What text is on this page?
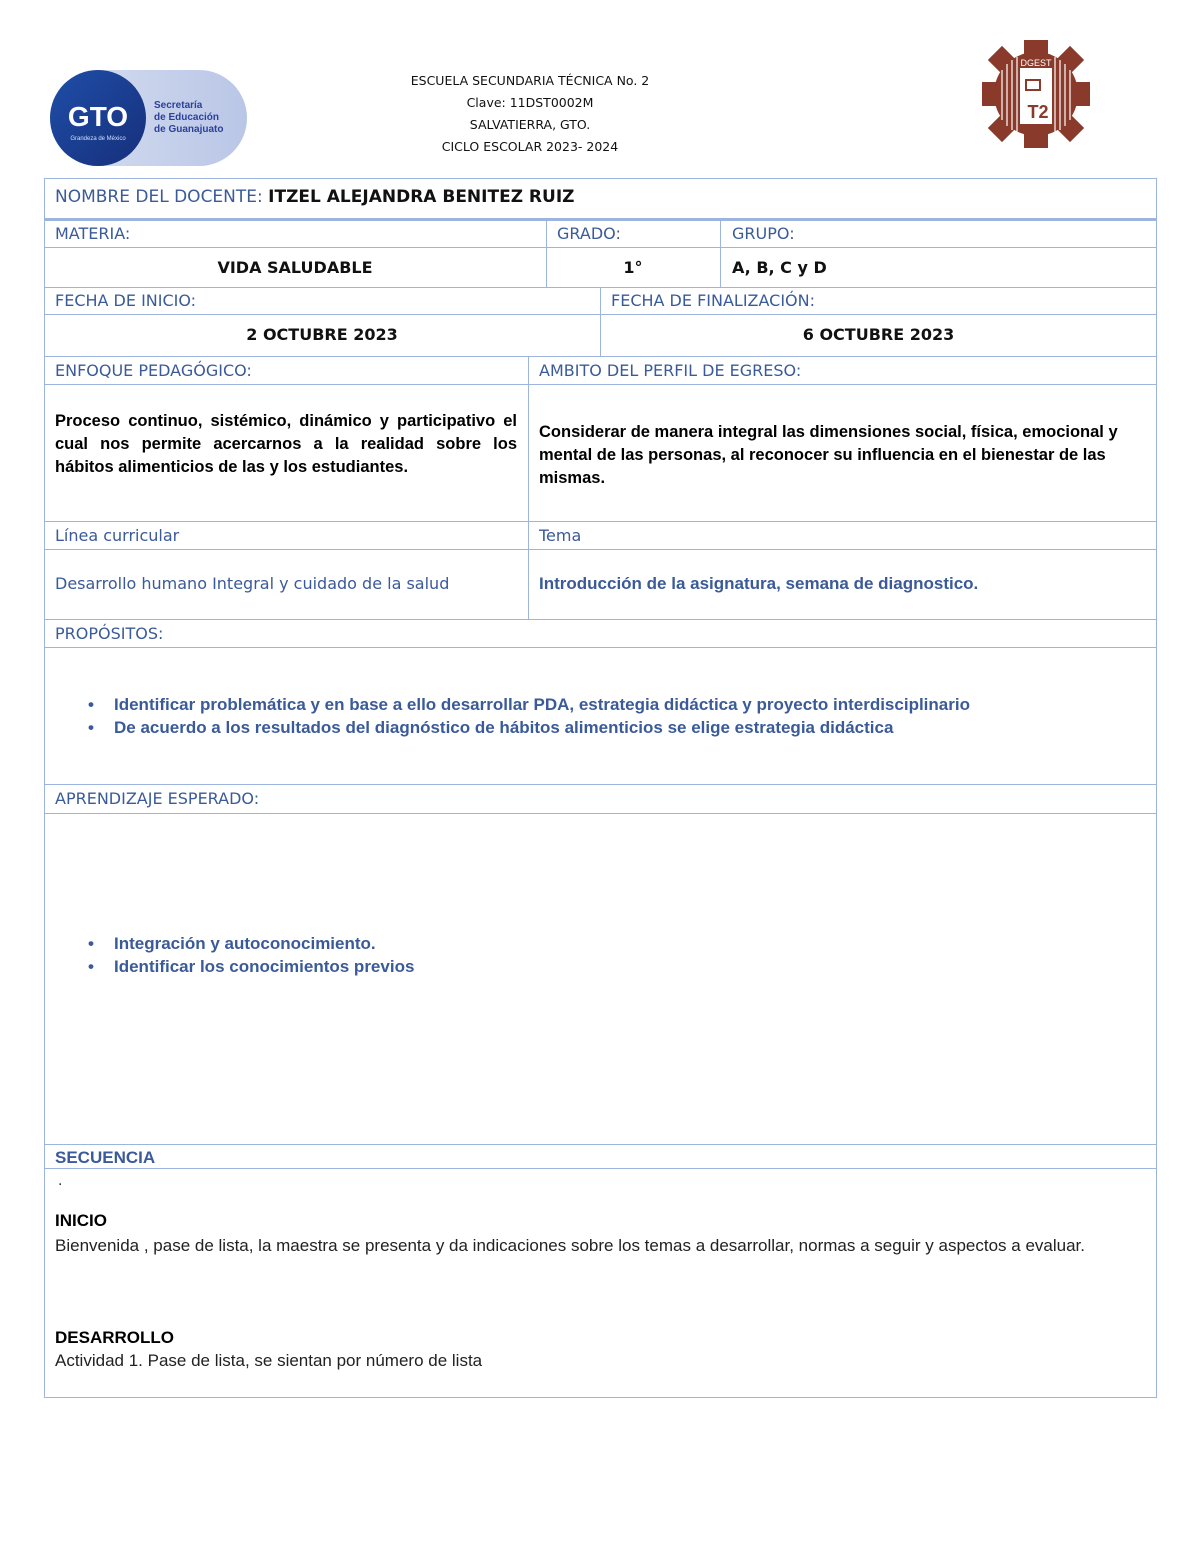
GTO
Grandeza de México
Secretaría
de Educación
de Guanajuato
ESCUELA SECUNDARIA TÉCNICA No. 2
Clave: 11DST0002M
SALVATIERRA, GTO.
CICLO ESCOLAR 2023- 2024
DGEST
T2
NOMBRE DEL DOCENTE: ITZEL ALEJANDRA BENITEZ RUIZ
MATERIA:	GRADO:	GRUPO:
VIDA SALUDABLE	1°	A, B, C y D
FECHA DE INICIO:	FECHA DE FINALIZACIÓN:
2 OCTUBRE 2023	6 OCTUBRE 2023
ENFOQUE PEDAGÓGICO:	AMBITO DEL PERFIL DE EGRESO:
Proceso continuo, sistémico, dinámico y participativo el cual nos permite acercarnos a la realidad sobre los hábitos alimenticios de las y los estudiantes.
Considerar de manera integral las dimensiones social, física, emocional y mental de las personas, al reconocer su influencia en el bienestar de las mismas.
Línea curricular	Tema
Desarrollo humano Integral y cuidado de la salud	Introducción de la asignatura, semana de diagnostico.
PROPÓSITOS:
• Identificar problemática y en base a ello desarrollar PDA, estrategia didáctica y proyecto interdisciplinario
• De acuerdo a los resultados del diagnóstico de hábitos alimenticios se elige estrategia didáctica
APRENDIZAJE ESPERADO:
• Integración y autoconocimiento.
• Identificar los conocimientos previos
SECUENCIA
.
INICIO
Bienvenida , pase de lista, la maestra se presenta y da indicaciones sobre los temas a desarrollar, normas a seguir y aspectos a evaluar.
DESARROLLO
Actividad 1. Pase de lista, se sientan por número de lista
